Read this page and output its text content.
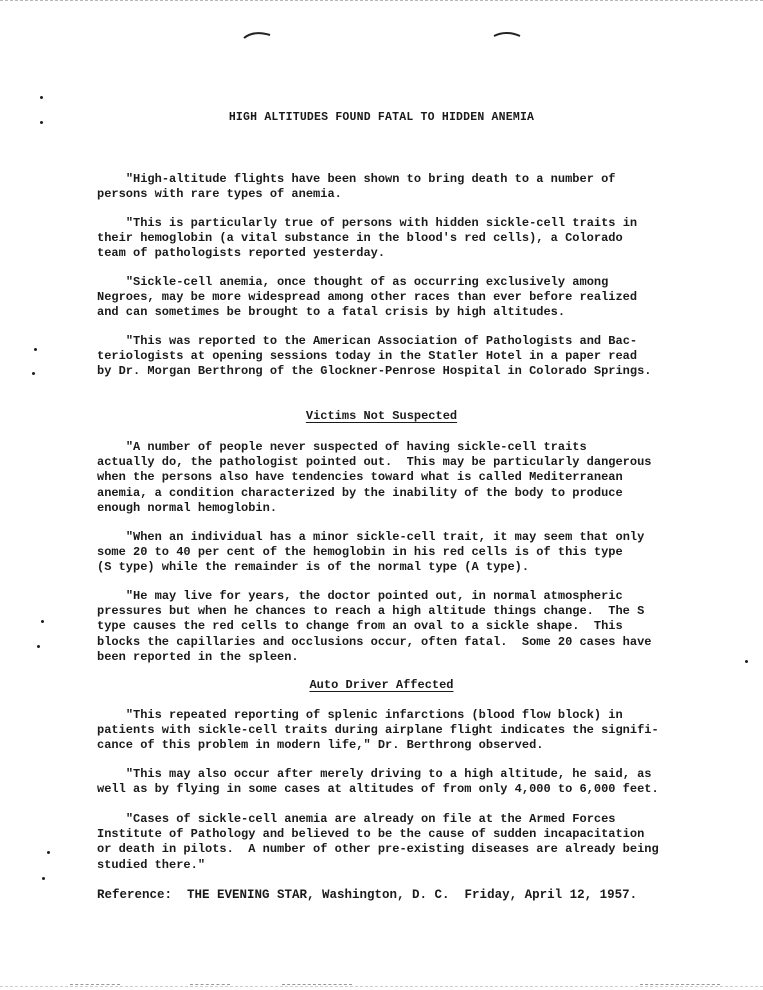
HIGH ALTITUDES FOUND FATAL TO HIDDEN ANEMIA

"High-altitude flights have been shown to bring death to a number of
persons with rare types of anemia.

"This is particularly true of persons with hidden sickle-cell traits in
their hemoglobin (a vital substance in the blood's red cells), a Colorado
team of pathologists reported yesterday.

"Sickle-cell anemia, once thought of as occurring exclusively among
Negroes, may be more widespread among other races than ever before realized
and can sometimes be brought to a fatal crisis by high altitudes.

"This was reported to the American Association of Pathologists and Bac-
teriologists at opening sessions today in the Statler Hotel in a paper read
by Dr. Morgan Berthrong of the Glockner-Penrose Hospital in Colorado Springs.

Victims Not Suspected

"A number of people never suspected of having sickle-cell traits
actually do, the pathologist pointed out.  This may be particularly dangerous
when the persons also have tendencies toward what is called Mediterranean
anemia, a condition characterized by the inability of the body to produce
enough normal hemoglobin.

"When an individual has a minor sickle-cell trait, it may seem that only
some 20 to 40 per cent of the hemoglobin in his red cells is of this type
(S type) while the remainder is of the normal type (A type).

"He may live for years, the doctor pointed out, in normal atmospheric
pressures but when he chances to reach a high altitude things change.  The S
type causes the red cells to change from an oval to a sickle shape.  This
blocks the capillaries and occlusions occur, often fatal.  Some 20 cases have
been reported in the spleen.

Auto Driver Affected

"This repeated reporting of splenic infarctions (blood flow block) in
patients with sickle-cell traits during airplane flight indicates the signifi-
cance of this problem in modern life," Dr. Berthrong observed.

"This may also occur after merely driving to a high altitude, he said, as
well as by flying in some cases at altitudes of from only 4,000 to 6,000 feet.

"Cases of sickle-cell anemia are already on file at the Armed Forces
Institute of Pathology and believed to be the cause of sudden incapacitation
or death in pilots.  A number of other pre-existing diseases are already being
studied there."

Reference:  THE EVENING STAR, Washington, D. C.  Friday, April 12, 1957.
